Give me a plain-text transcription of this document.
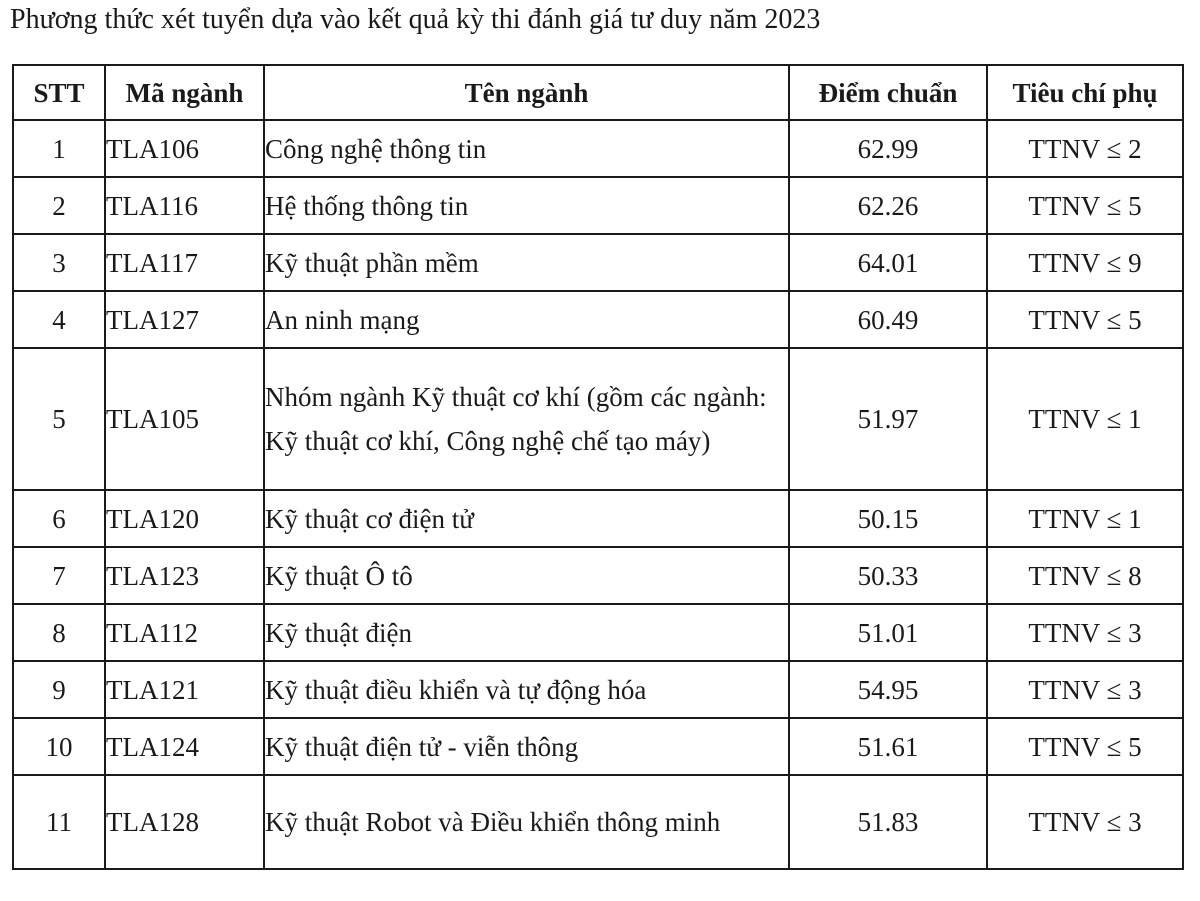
Phương thức xét tuyển dựa vào kết quả kỳ thi đánh giá tư duy năm 2023
STT	Mã ngành	Tên ngành	Điểm chuẩn	Tiêu chí phụ
1	TLA106	Công nghệ thông tin	62.99	TTNV ≤ 2
2	TLA116	Hệ thống thông tin	62.26	TTNV ≤ 5
3	TLA117	Kỹ thuật phần mềm	64.01	TTNV ≤ 9
4	TLA127	An ninh mạng	60.49	TTNV ≤ 5
5	TLA105	Nhóm ngành Kỹ thuật cơ khí (gồm các ngành: Kỹ thuật cơ khí, Công nghệ chế tạo máy)	51.97	TTNV ≤ 1
6	TLA120	Kỹ thuật cơ điện tử	50.15	TTNV ≤ 1
7	TLA123	Kỹ thuật Ô tô	50.33	TTNV ≤ 8
8	TLA112	Kỹ thuật điện	51.01	TTNV ≤ 3
9	TLA121	Kỹ thuật điều khiển và tự động hóa	54.95	TTNV ≤ 3
10	TLA124	Kỹ thuật điện tử - viễn thông	51.61	TTNV ≤ 5
11	TLA128	Kỹ thuật Robot và Điều khiển thông minh	51.83	TTNV ≤ 3
